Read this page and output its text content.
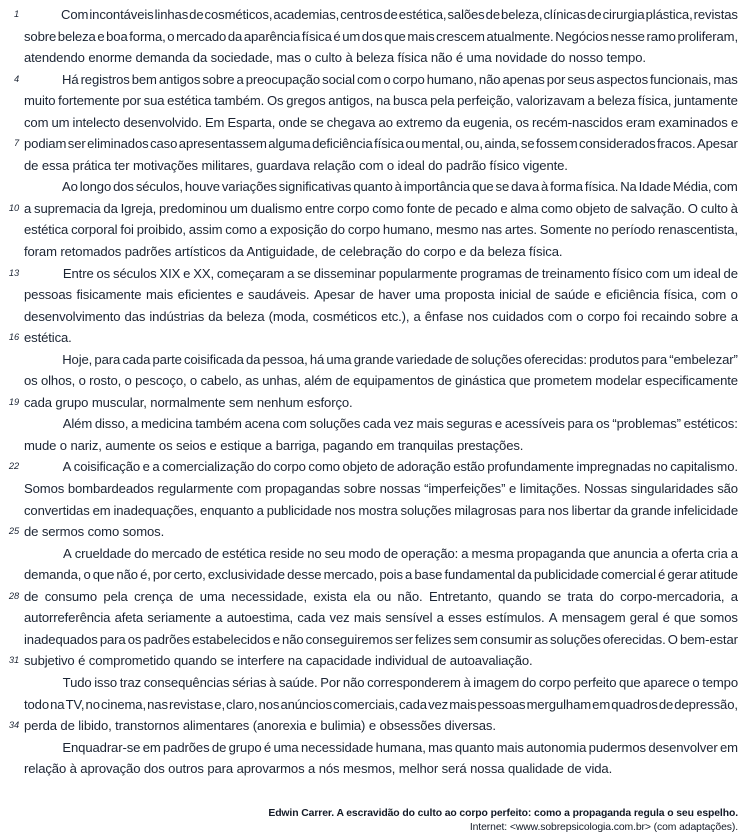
1	Com incontáveis linhas de cosméticos, academias, centros de estética, salões de beleza, clínicas de cirurgia plástica, revistas
sobre beleza e boa forma, o mercado da aparência física é um dos que mais crescem atualmente. Negócios nesse ramo proliferam,
atendendo enorme demanda da sociedade, mas o culto à beleza física não é uma novidade do nosso tempo.
4	Há registros bem antigos sobre a preocupação social com o corpo humano, não apenas por seus aspectos funcionais, mas
muito fortemente por sua estética também. Os gregos antigos, na busca pela perfeição, valorizavam a beleza física, juntamente
com um intelecto desenvolvido. Em Esparta, onde se chegava ao extremo da eugenia, os recém-nascidos eram examinados e
7 podiam ser eliminados caso apresentassem alguma deficiência física ou mental, ou, ainda, se fossem considerados fracos. Apesar
de essa prática ter motivações militares, guardava relação com o ideal do padrão físico vigente.
Ao longo dos séculos, houve variações significativas quanto à importância que se dava à forma física. Na Idade Média, com
10 a supremacia da Igreja, predominou um dualismo entre corpo como fonte de pecado e alma como objeto de salvação. O culto à
estética corporal foi proibido, assim como a exposição do corpo humano, mesmo nas artes. Somente no período renascentista,
foram retomados padrões artísticos da Antiguidade, de celebração do corpo e da beleza física.
13	Entre os séculos XIX e XX, começaram a se disseminar popularmente programas de treinamento físico com um ideal de
pessoas fisicamente mais eficientes e saudáveis. Apesar de haver uma proposta inicial de saúde e eficiência física, com o
desenvolvimento das indústrias da beleza (moda, cosméticos etc.), a ênfase nos cuidados com o corpo foi recaindo sobre a
16 estética.
Hoje, para cada parte coisificada da pessoa, há uma grande variedade de soluções oferecidas: produtos para “embelezar”
os olhos, o rosto, o pescoço, o cabelo, as unhas, além de equipamentos de ginástica que prometem modelar especificamente
19 cada grupo muscular, normalmente sem nenhum esforço.
Além disso, a medicina também acena com soluções cada vez mais seguras e acessíveis para os “problemas” estéticos:
mude o nariz, aumente os seios e estique a barriga, pagando em tranquilas prestações.
22	A coisificação e a comercialização do corpo como objeto de adoração estão profundamente impregnadas no capitalismo.
Somos bombardeados regularmente com propagandas sobre nossas “imperfeições” e limitações. Nossas singularidades são
convertidas em inadequações, enquanto a publicidade nos mostra soluções milagrosas para nos libertar da grande infelicidade
25 de sermos como somos.
A crueldade do mercado de estética reside no seu modo de operação: a mesma propaganda que anuncia a oferta cria a
demanda, o que não é, por certo, exclusividade desse mercado, pois a base fundamental da publicidade comercial é gerar atitude
28 de consumo pela crença de uma necessidade, exista ela ou não. Entretanto, quando se trata do corpo-mercadoria, a
autorreferência afeta seriamente a autoestima, cada vez mais sensível a esses estímulos. A mensagem geral é que somos
inadequados para os padrões estabelecidos e não conseguiremos ser felizes sem consumir as soluções oferecidas. O bem-estar
31 subjetivo é comprometido quando se interfere na capacidade individual de autoavaliação.
Tudo isso traz consequências sérias à saúde. Por não corresponderem à imagem do corpo perfeito que aparece o tempo
todo na TV, no cinema, nas revistas e, claro, nos anúncios comerciais, cada vez mais pessoas mergulham em quadros de depressão,
34 perda de libido, transtornos alimentares (anorexia e bulimia) e obsessões diversas.
Enquadrar-se em padrões de grupo é uma necessidade humana, mas quanto mais autonomia pudermos desenvolver em
relação à aprovação dos outros para aprovarmos a nós mesmos, melhor será nossa qualidade de vida.
Edwin Carrer. A escravidão do culto ao corpo perfeito: como a propaganda regula o seu espelho.
Internet: <www.sobrepsicologia.com.br> (com adaptações).
